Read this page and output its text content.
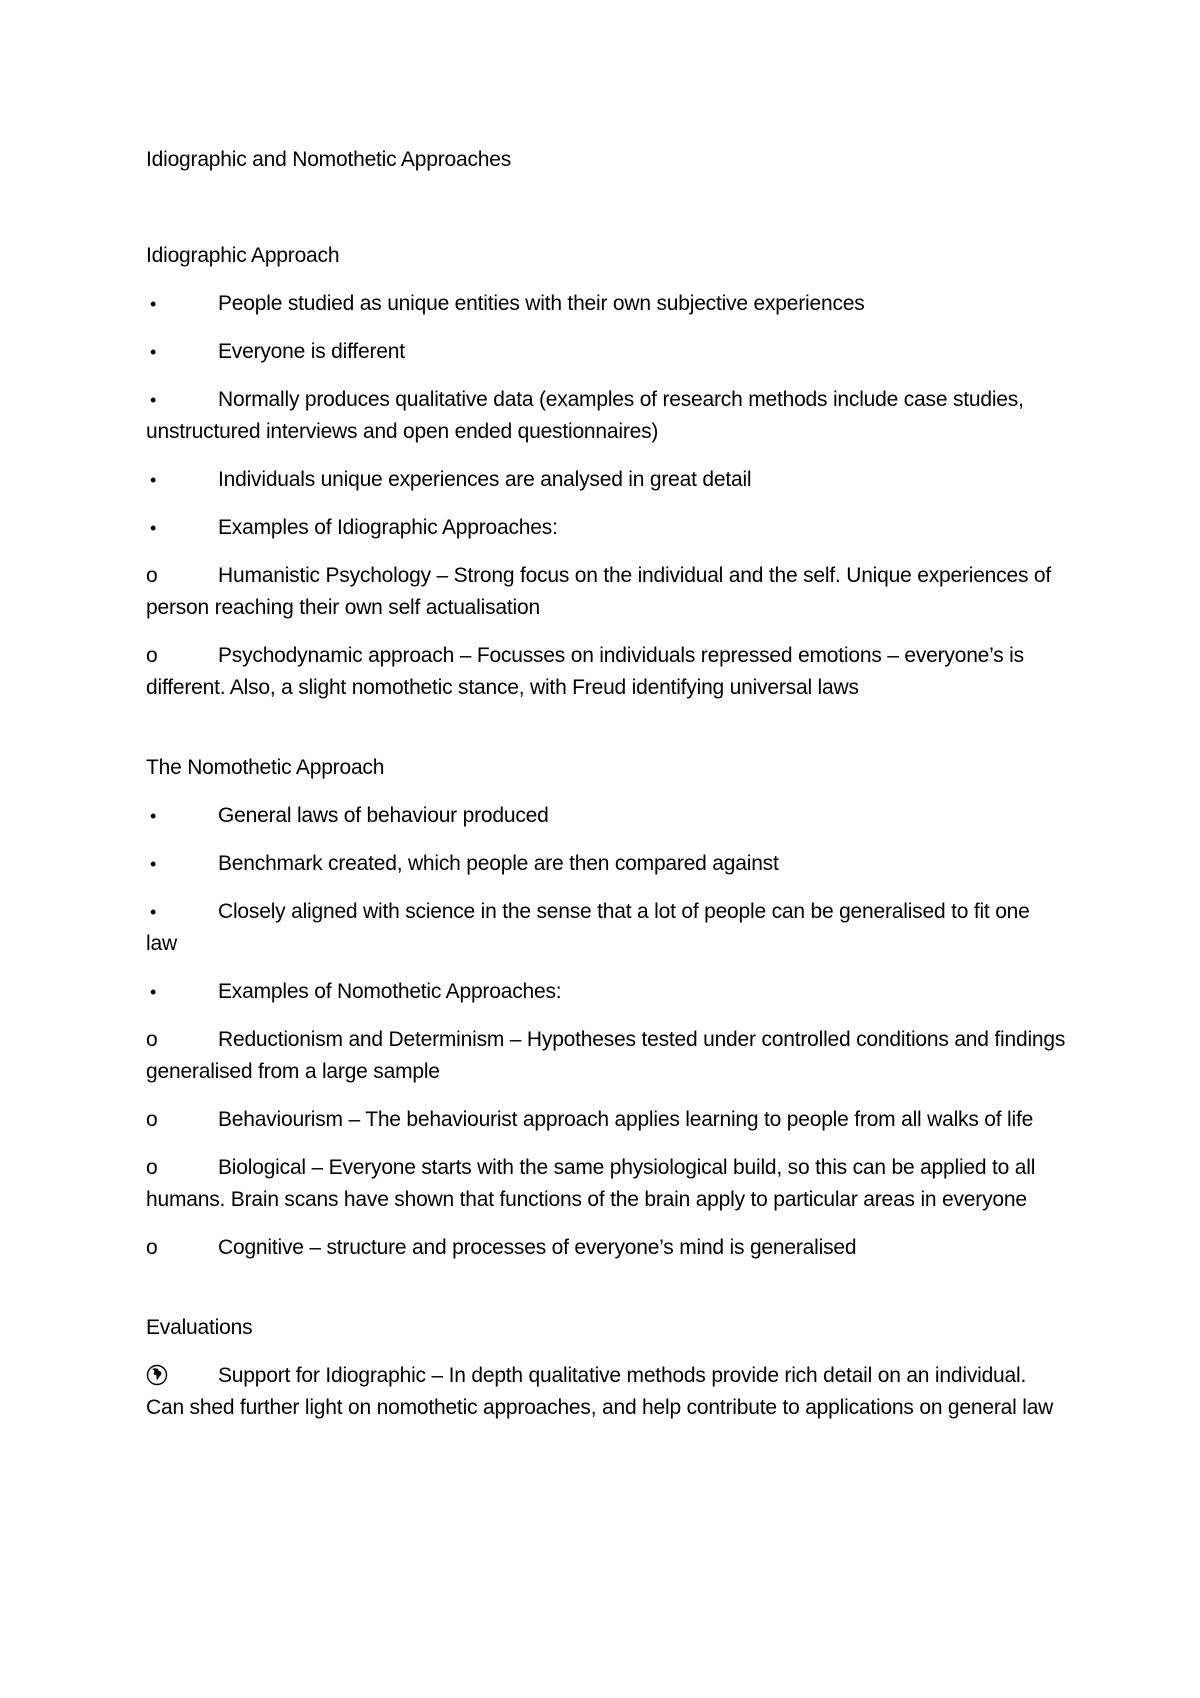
Idiographic and Nomothetic Approaches
Idiographic Approach
•	People studied as unique entities with their own subjective experiences
•	Everyone is different
•	Normally produces qualitative data (examples of research methods include case studies, unstructured interviews and open ended questionnaires)
•	Individuals unique experiences are analysed in great detail
•	Examples of Idiographic Approaches:
o	Humanistic Psychology – Strong focus on the individual and the self. Unique experiences of person reaching their own self actualisation
o	Psychodynamic approach – Focusses on individuals repressed emotions – everyone’s is different. Also, a slight nomothetic stance, with Freud identifying universal laws
The Nomothetic Approach
•	General laws of behaviour produced
•	Benchmark created, which people are then compared against
•	Closely aligned with science in the sense that a lot of people can be generalised to fit one law
•	Examples of Nomothetic Approaches:
o	Reductionism and Determinism – Hypotheses tested under controlled conditions and findings generalised from a large sample
o	Behaviourism – The behaviourist approach applies learning to people from all walks of life
o	Biological – Everyone starts with the same physiological build, so this can be applied to all humans. Brain scans have shown that functions of the brain apply to particular areas in everyone
o	Cognitive – structure and processes of everyone’s mind is generalised
Evaluations
Support for Idiographic – In depth qualitative methods provide rich detail on an individual. Can shed further light on nomothetic approaches, and help contribute to applications on general law
